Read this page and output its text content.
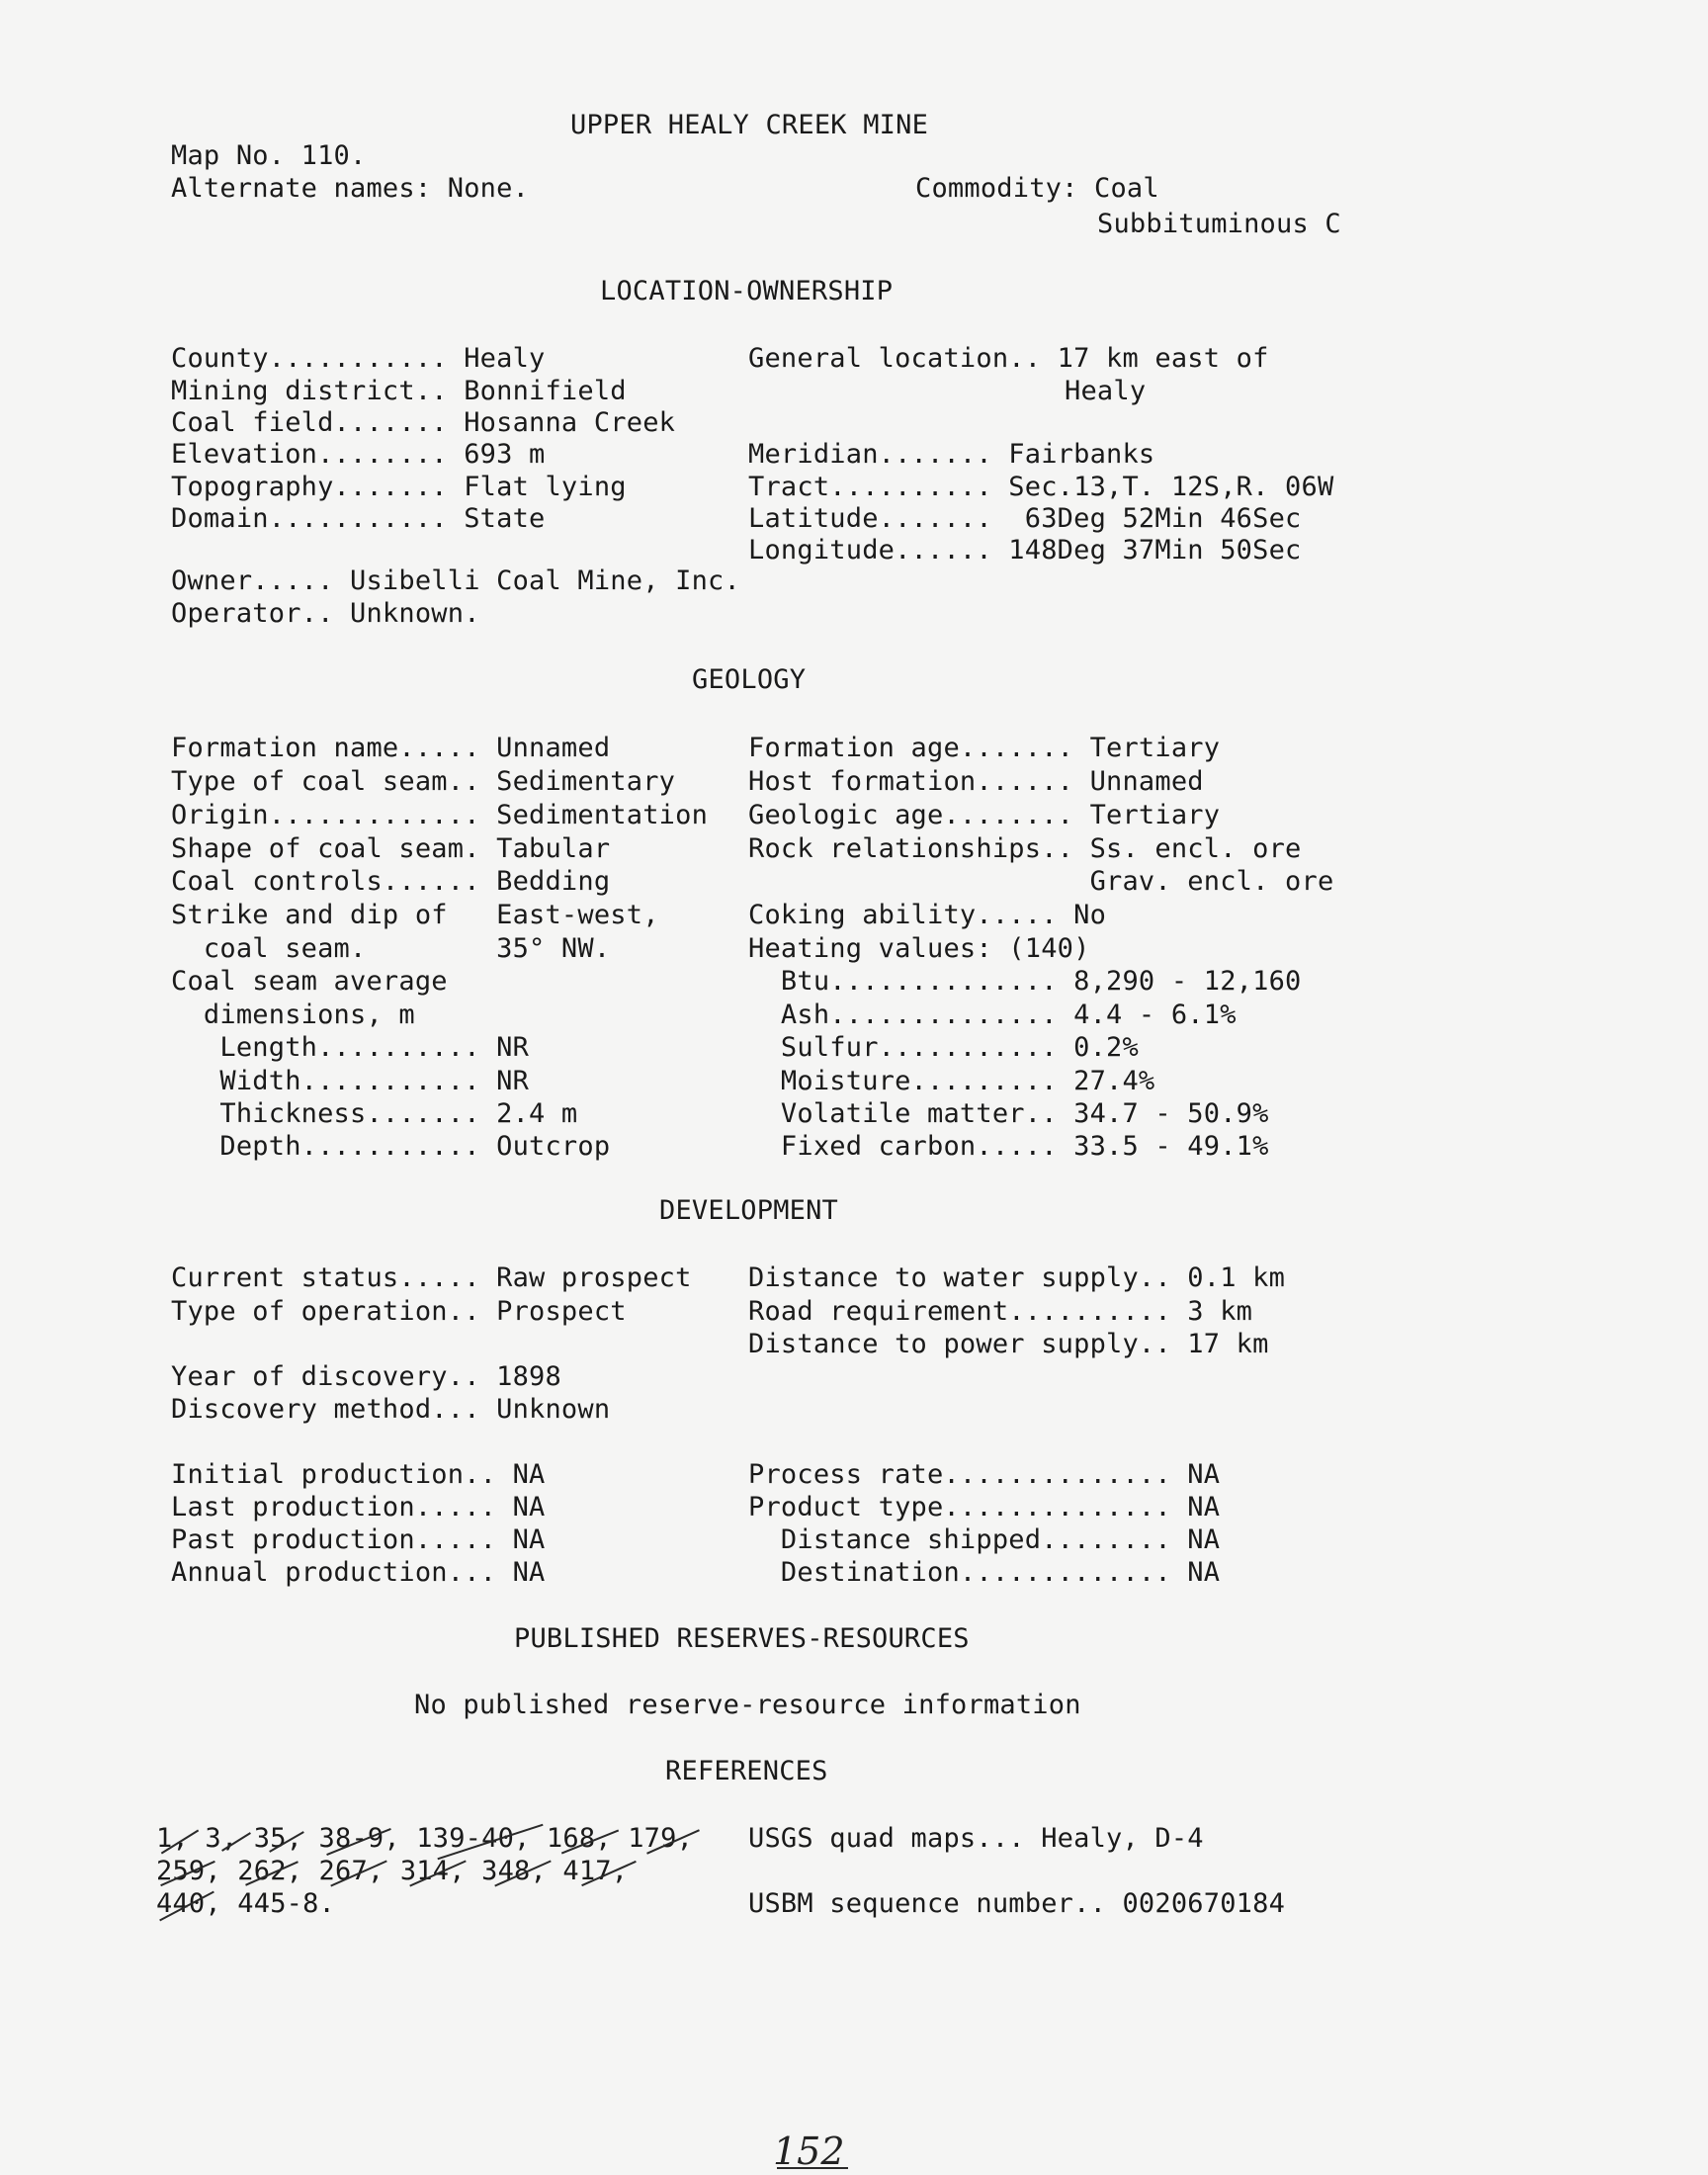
UPPER HEALY CREEK MINE

Map No. 110.

Alternate names: None.	Commodity: Coal

Subbituminous C

LOCATION-OWNERSHIP

County........... Healy

Mining district.. Bonnifield

Coal field....... Hosanna Creek

Elevation........ 693 m

Topography....... Flat lying

Domain........... State

General location.. 17 km east of

Healy

Meridian....... Fairbanks

Tract.......... Sec.13,T. 12S,R. 06W

Latitude.......  63Deg 52Min 46Sec

Longitude...... 148Deg 37Min 50Sec

Owner..... Usibelli Coal Mine, Inc.

Operator.. Unknown.

GEOLOGY

Formation name..... Unnamed

Type of coal seam.. Sedimentary

Origin............. Sedimentation

Shape of coal seam. Tabular

Coal controls...... Bedding

Strike and dip of   East-west,

coal seam.        35° NW.

Coal seam average

dimensions, m

Length.......... NR

Width........... NR

Thickness....... 2.4 m

Depth........... Outcrop

Formation age....... Tertiary

Host formation...... Unnamed

Geologic age........ Tertiary

Rock relationships.. Ss. encl. ore

Grav. encl. ore

Coking ability..... No

Heating values: (140)

Btu.............. 8,290 - 12,160

Ash.............. 4.4 - 6.1%

Sulfur........... 0.2%

Moisture......... 27.4%

Volatile matter.. 34.7 - 50.9%

Fixed carbon..... 33.5 - 49.1%

DEVELOPMENT

Current status..... Raw prospect

Type of operation.. Prospect

Distance to water supply.. 0.1 km

Road requirement.......... 3 km

Distance to power supply.. 17 km

Year of discovery.. 1898

Discovery method... Unknown

Initial production.. NA

Last production..... NA

Past production..... NA

Annual production... NA

Process rate.............. NA

Product type.............. NA

Distance shipped........ NA

Destination............. NA

PUBLISHED RESERVES-RESOURCES

No published reserve-resource information

REFERENCES

1, 3, 35, 38-9, 139-40, 168, 179,

259, 262, 267, 314, 348, 417,

440, 445-8.

USGS quad maps... Healy, D-4

USBM sequence number.. 0020670184

152
